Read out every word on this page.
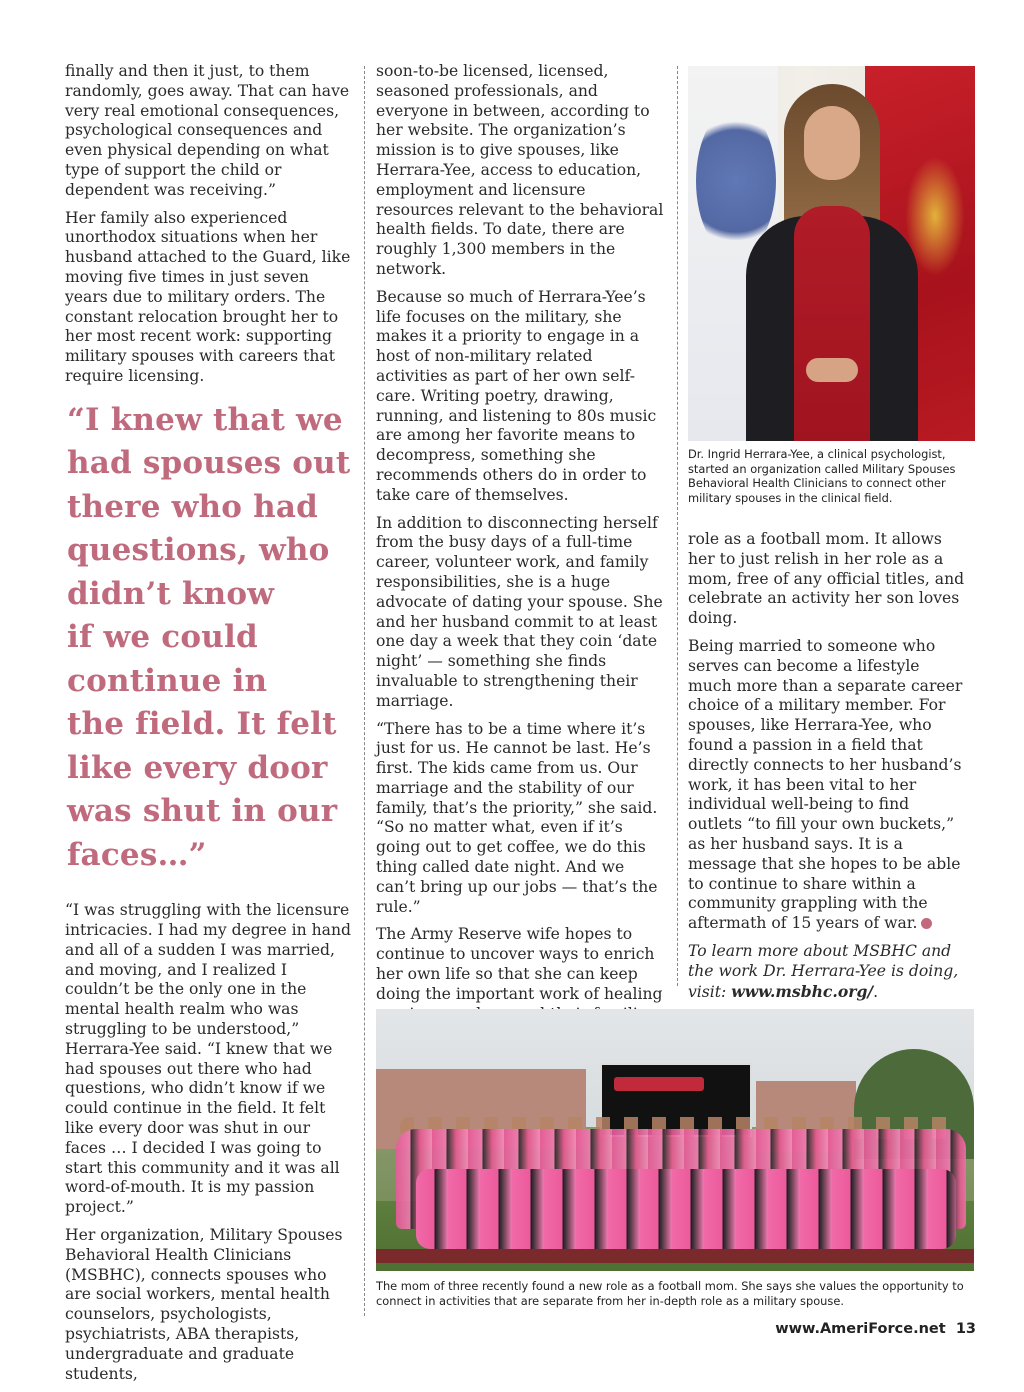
finally and then it just, to them randomly, goes away. That can have very real emotional consequences, psychological consequences and even physical depending on what type of support the child or dependent was receiving.”

Her family also experienced unorthodox situations when her husband attached to the Guard, like moving five times in just seven years due to military orders. The constant relocation brought her to her most recent work: supporting military spouses with careers that require licensing.

“I knew that we
had spouses out
there who had
questions, who
didn’t know
if we could
continue in
the field. It felt
like every door
was shut in our
faces…”

“I was struggling with the licensure intricacies. I had my degree in hand and all of a sudden I was married, and moving, and I realized I couldn’t be the only one in the mental health realm who was struggling to be understood,” Herrara-Yee said. “I knew that we had spouses out there who had questions, who didn’t know if we could continue in the field. It felt like every door was shut in our faces … I decided I was going to start this community and it was all word-of-mouth. It is my passion project.”

Her organization, Military Spouses Behavioral Health Clinicians (MSBHC), connects spouses who are social workers, mental health counselors, psychologists, psychiatrists, ABA therapists, undergraduate and graduate students,

soon-to-be licensed, licensed, seasoned professionals, and everyone in between, according to her website. The organization’s mission is to give spouses, like Herrara-Yee, access to education, employment and licensure resources relevant to the behavioral health fields. To date, there are roughly 1,300 members in the network.

Because so much of Herrara-Yee’s life focuses on the military, she makes it a priority to engage in a host of non-military related activities as part of her own self-care. Writing poetry, drawing, running, and listening to 80s music are among her favorite means to decompress, something she recommends others do in order to take care of themselves.

In addition to disconnecting herself from the busy days of a full-time career, volunteer work, and family responsibilities, she is a huge advocate of dating your spouse. She and her husband commit to at least one day a week that they coin ‘date night’ — something she finds invaluable to strengthening their marriage.

“There has to be a time where it’s just for us. He cannot be last. He’s first. The kids came from us. Our marriage and the stability of our family, that’s the priority,” she said. “So no matter what, even if it’s going out to get coffee, we do this thing called date night. And we can’t bring up our jobs — that’s the rule.”

The Army Reserve wife hopes to continue to uncover ways to enrich her own life so that she can keep doing the important work of healing

Dr. Ingrid Herrara-Yee, a clinical psychologist, started an organization called Military Spouses Behavioral Health Clinicians to connect other military spouses in the clinical field.

role as a football mom. It allows her to just relish in her role as a mom, free of any official titles, and celebrate an activity her son loves doing.

Being married to someone who serves can become a lifestyle much more than a separate career choice of a military member. For spouses, like Herrara-Yee, who found a passion in a field that directly connects to her husband’s work, it has been vital to her individual well-being to find outlets “to fill your own buckets,” as her husband says. It is a message that she hopes to be able to continue to share within a community grappling with the aftermath of 15 years of war.

To learn more about MSBHC and the work Dr. Herrara-Yee is doing, visit: www.msbhc.org/.

The mom of three recently found a new role as a football mom. She says she values the opportunity to connect in activities that are separate from her in-depth role as a military spouse.
www.AmeriForce.net 13
